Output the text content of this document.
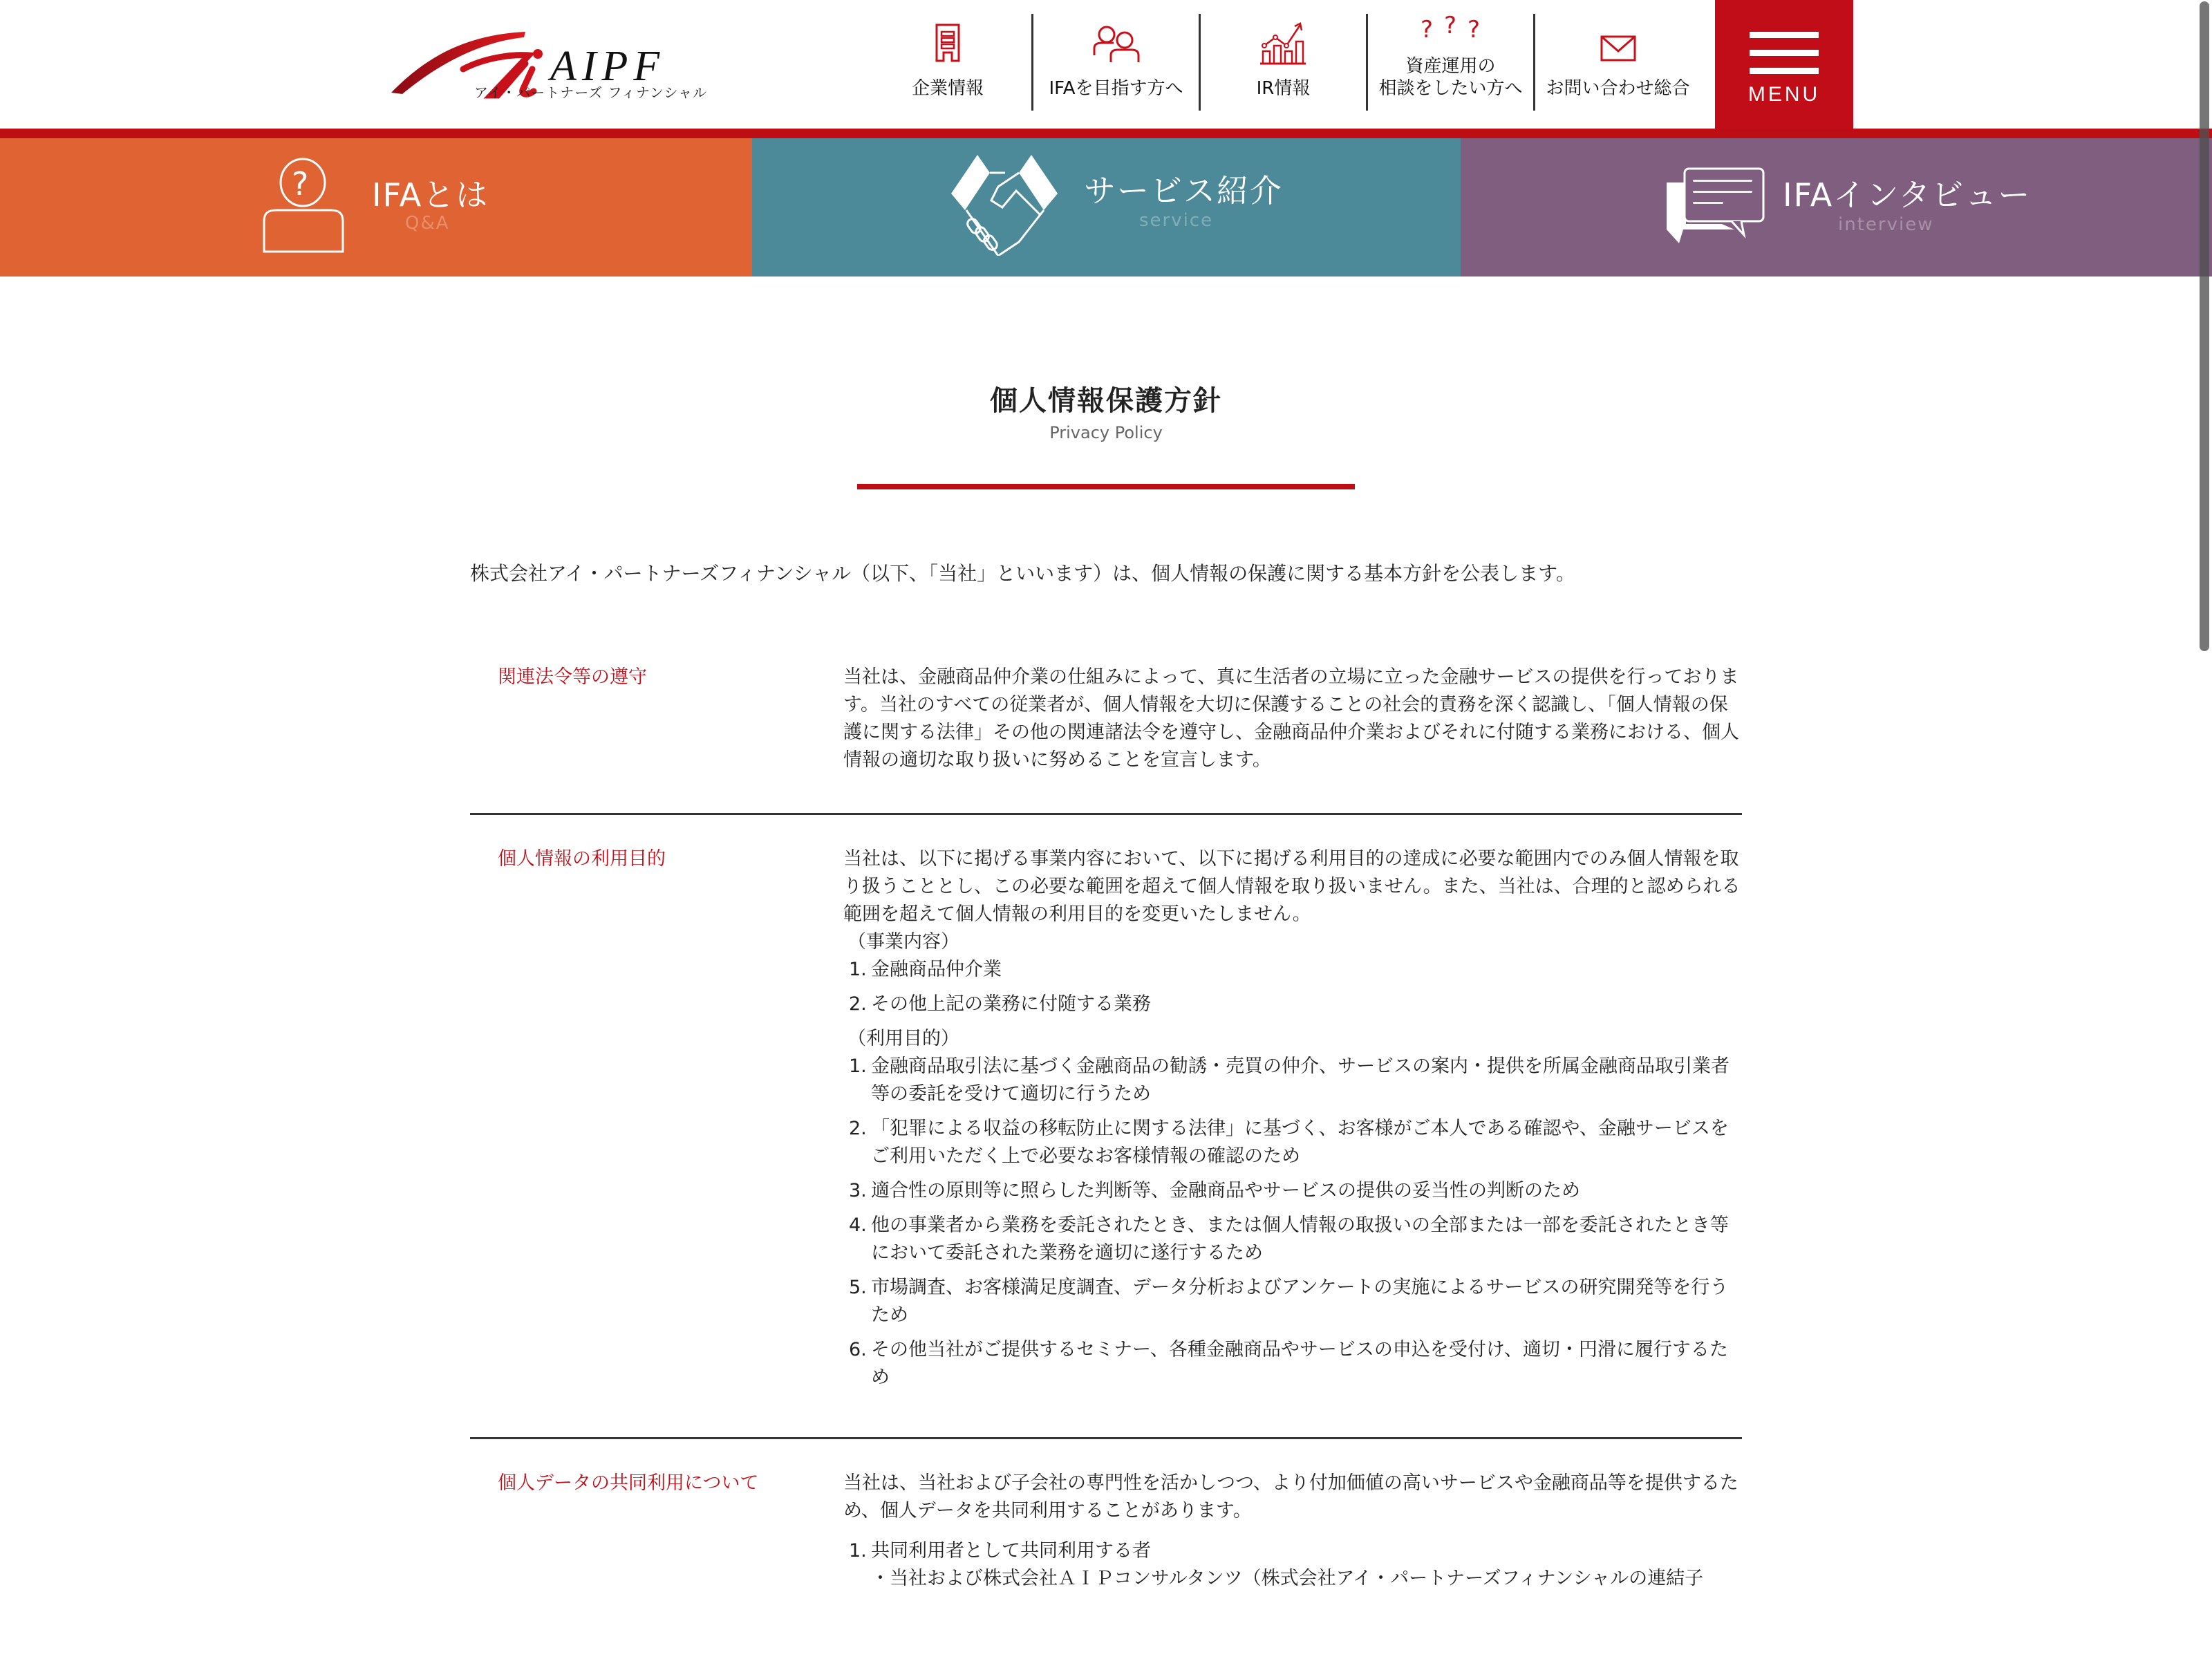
AIPF
アイ・パートナーズ フィナンシャル	企業情報	IFAを目指す方へ	IR情報
? ? ?
資産運用の
相談をしたい方へ お問い合わせ総合	MENU
? IFAとは
Q&A
サービス紹介
service
IFAインタビュー
interview
個人情報保護方針
Privacy Policy

株式会社アイ・パートナーズフィナンシャル（以下、「当社」といいます）は、個人情報の保護に関する基本方針を公表します。

関連法令等の遵守	当社は、金融商品仲介業の仕組みによって、真に生活者の立場に立った金融サービスの提供を行っております。当社のすべての従業者が、個人情報を大切に保護することの社会的責務を深く認識し、「個人情報の保護に関する法律」その他の関連諸法令を遵守し、金融商品仲介業およびそれに付随する業務における、個人情報の適切な取り扱いに努めることを宣言します。

個人情報の利用目的	当社は、以下に掲げる事業内容において、以下に掲げる利用目的の達成に必要な範囲内でのみ個人情報を取り扱うこととし、この必要な範囲を超えて個人情報を取り扱いません。また、当社は、合理的と認められる範囲を超えて個人情報の利用目的を変更いたしません。

（事業内容）

1. 金融商品仲介業
2. その他上記の業務に付随する業務

（利用目的）

1. 金融商品取引法に基づく金融商品の勧誘・売買の仲介、サービスの案内・提供を所属金融商品取引業者等の委託を受けて適切に行うため
2. 「犯罪による収益の移転防止に関する法律」に基づく、お客様がご本人である確認や、金融サービスをご利用いただく上で必要なお客様情報の確認のため
3. 適合性の原則等に照らした判断等、金融商品やサービスの提供の妥当性の判断のため
4. 他の事業者から業務を委託されたとき、または個人情報の取扱いの全部または一部を委託されたとき等において委託された業務を適切に遂行するため
5. 市場調査、お客様満足度調査、データ分析およびアンケートの実施によるサービスの研究開発等を行うため
6. その他当社がご提供するセミナー、各種金融商品やサービスの申込を受付け、適切・円滑に履行するため
個人データの共同利用について	当社は、当社および子会社の専門性を活かしつつ、より付加価値の高いサービスや金融商品等を提供するため、個人データを共同利用することがあります。

1. 共同利用者として共同利用する者

・当社および株式会社ＡＩＰコンサルタンツ（株式会社アイ・パートナーズフィナンシャルの連結子
